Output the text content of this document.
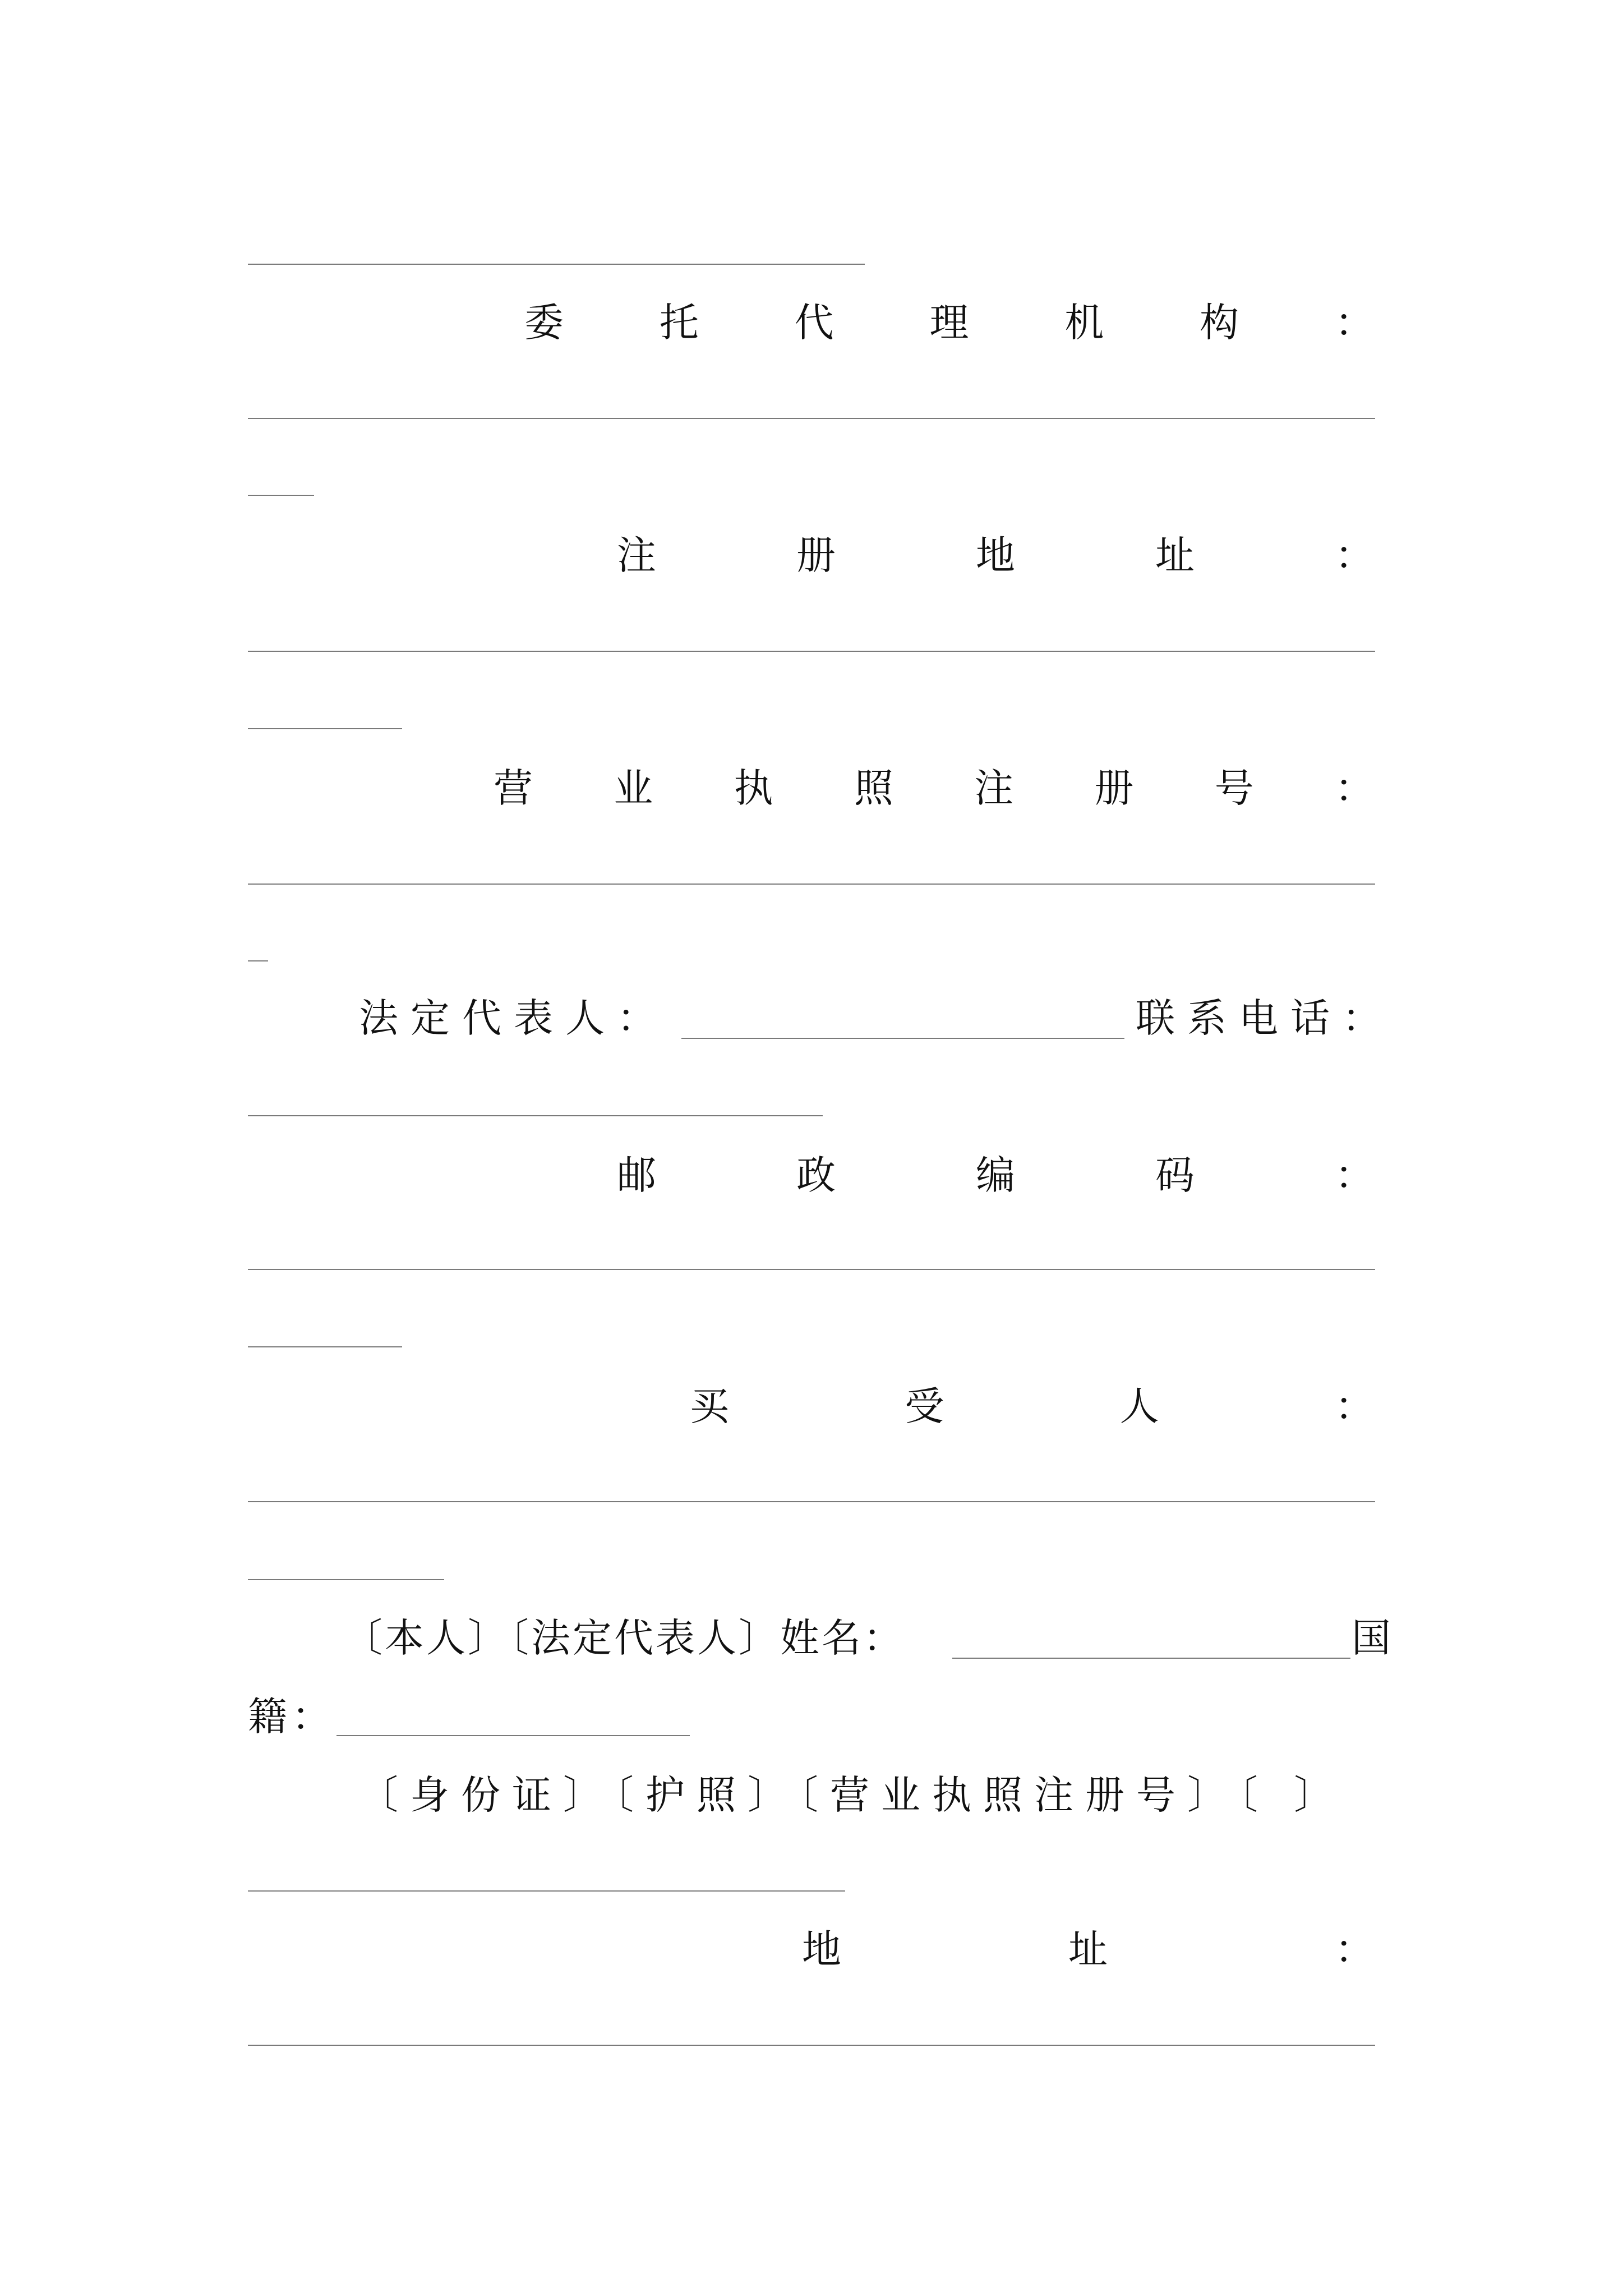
委 托 代 理 机 构 ：
注	册	地	址	：
营 业 执 照 注 册 号 ：
法定代表人：	联系电话：
邮	政	编	码	：
买	受	人	：
〔本人〕〔法定代表人〕姓名：	国
籍：
〔身份证〕〔护照〕〔营业执照注册号〕〔 〕
地	址	：
